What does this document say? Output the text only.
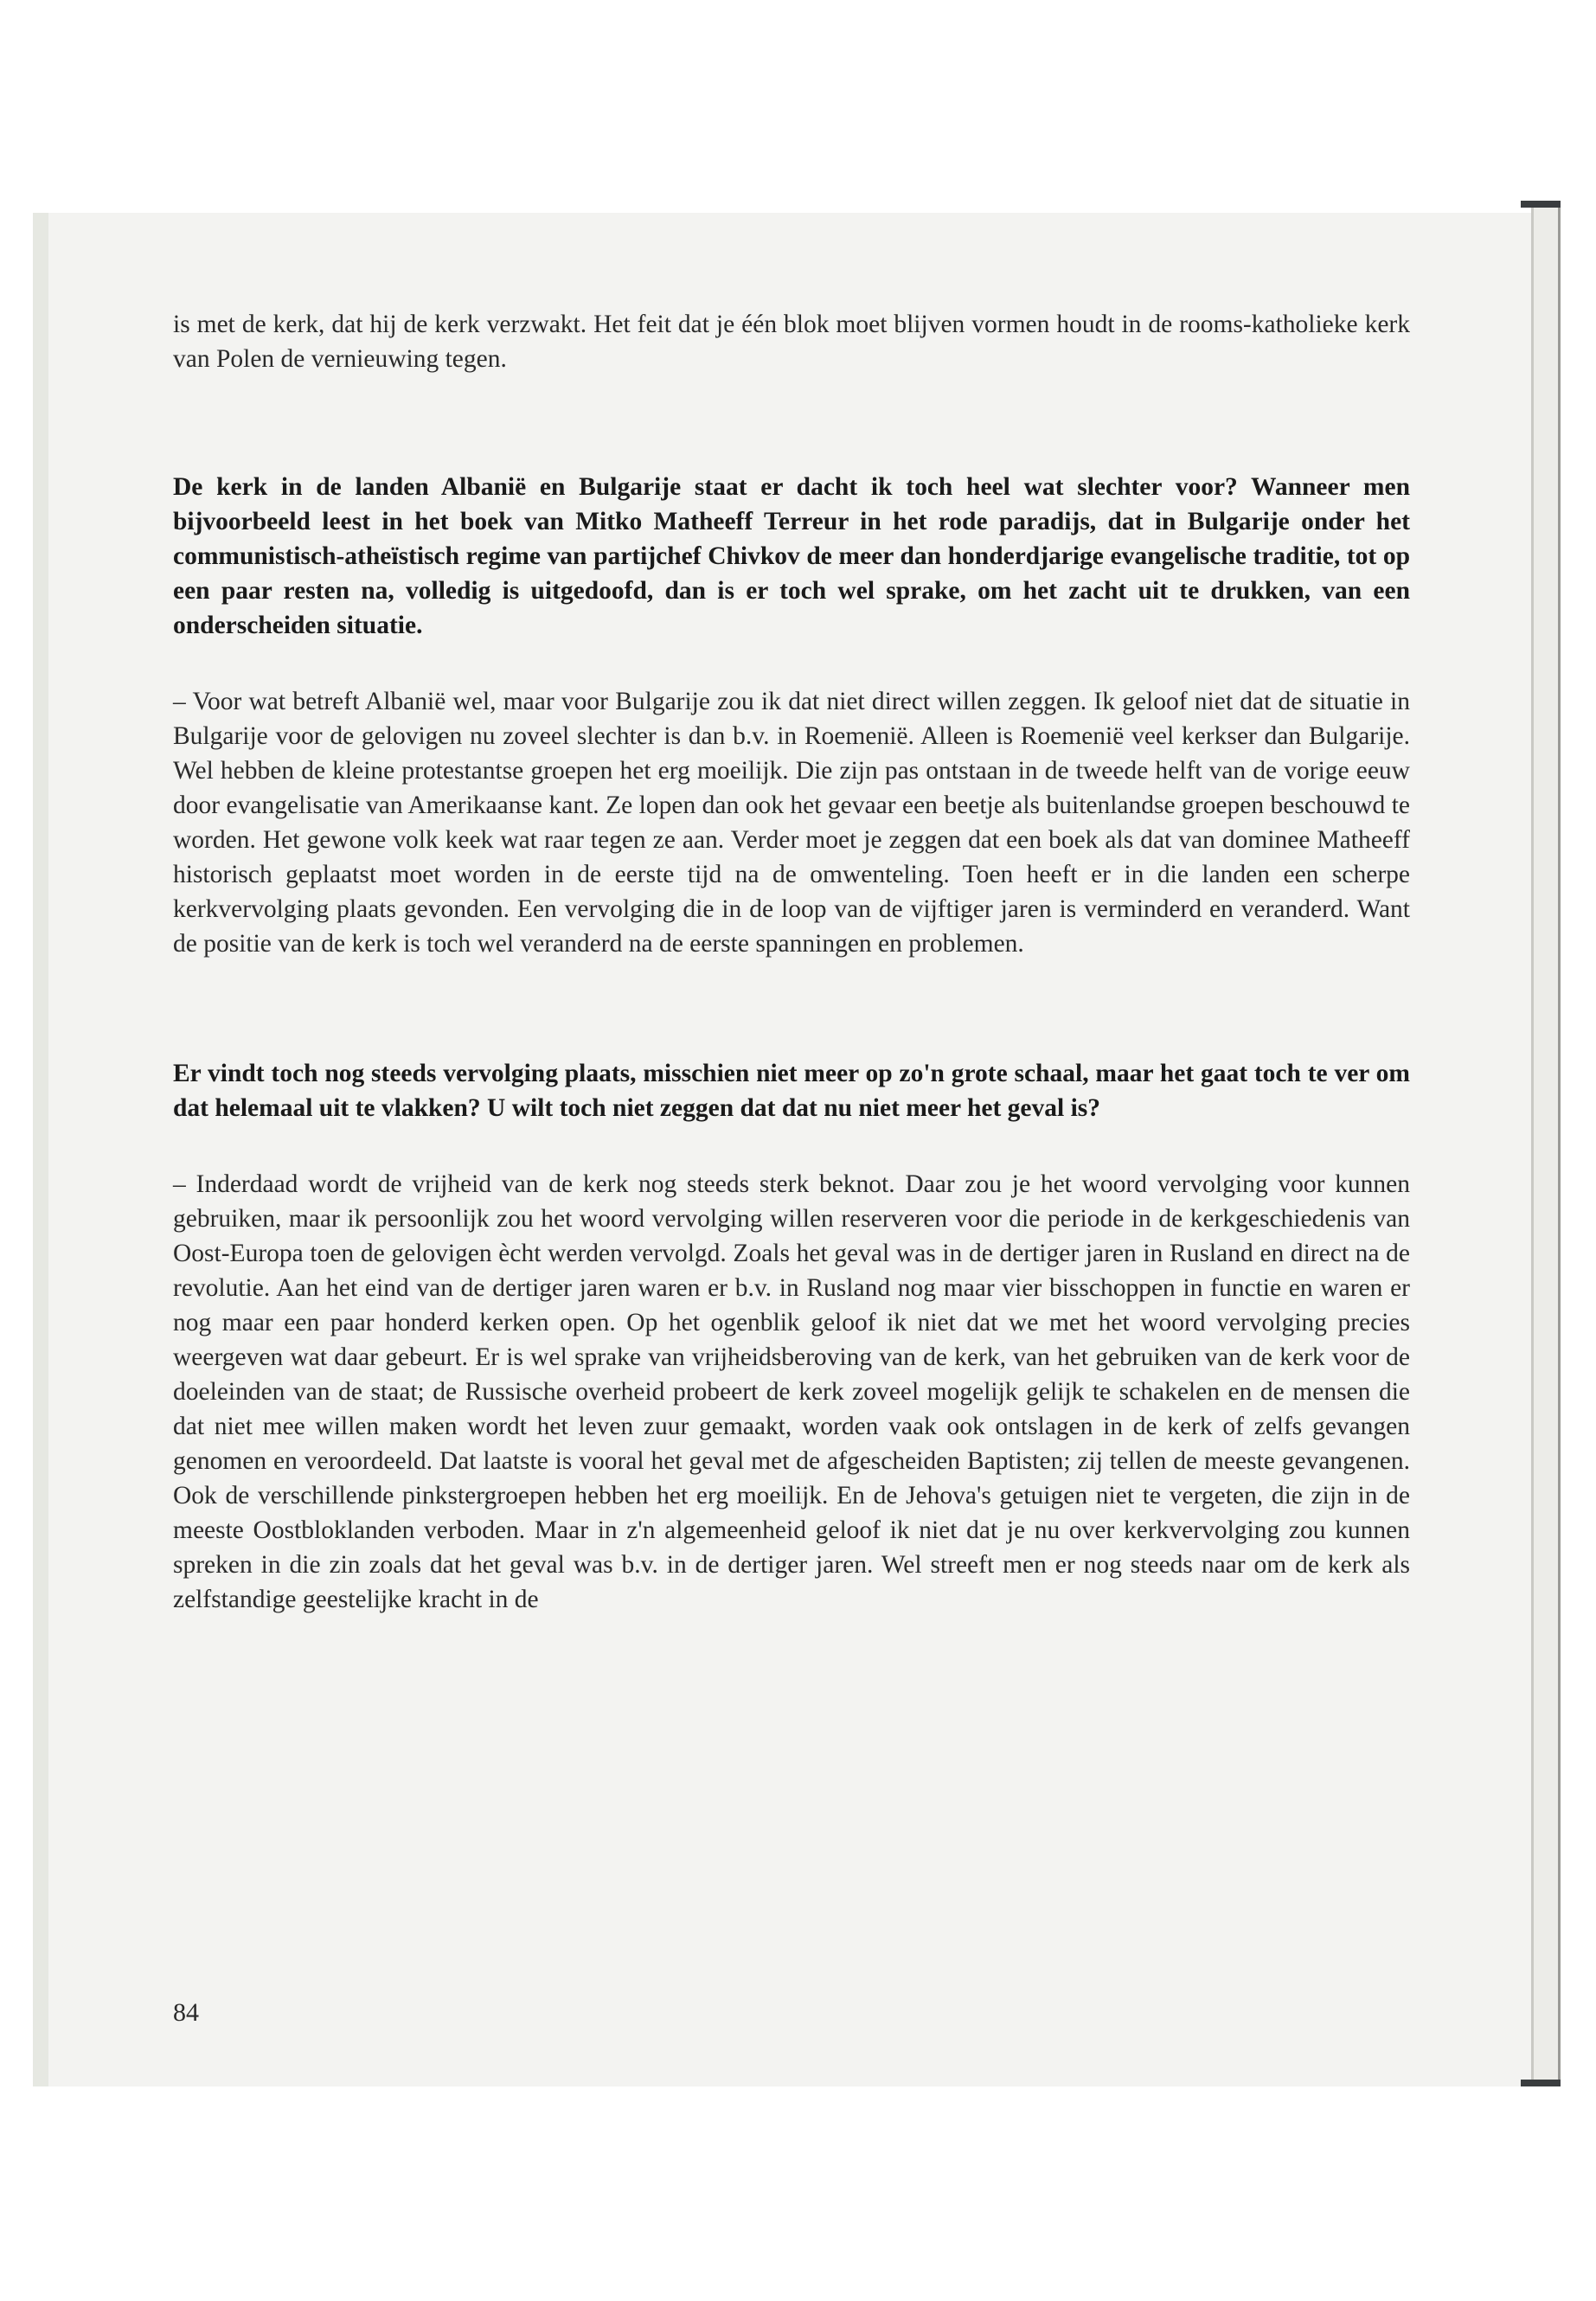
is met de kerk, dat hij de kerk verzwakt. Het feit dat je één blok moet blijven vormen houdt in de rooms-katholieke kerk van Polen de vernieuwing tegen.

De kerk in de landen Albanië en Bulgarije staat er dacht ik toch heel wat slechter voor? Wanneer men bijvoorbeeld leest in het boek van Mitko Matheeff Terreur in het rode paradijs, dat in Bulgarije onder het communistisch-atheïstisch regime van partijchef Chivkov de meer dan honderdjarige evangelische traditie, tot op een paar resten na, volledig is uitgedoofd, dan is er toch wel sprake, om het zacht uit te drukken, van een onderscheiden situatie.

– Voor wat betreft Albanië wel, maar voor Bulgarije zou ik dat niet direct willen zeggen. Ik geloof niet dat de situatie in Bulgarije voor de gelovigen nu zoveel slechter is dan b.v. in Roemenië. Alleen is Roemenië veel kerkser dan Bulgarije. Wel hebben de kleine protestantse groepen het erg moeilijk. Die zijn pas ontstaan in de tweede helft van de vorige eeuw door evangelisatie van Amerikaanse kant. Ze lopen dan ook het gevaar een beetje als buitenlandse groepen beschouwd te worden. Het gewone volk keek wat raar tegen ze aan. Verder moet je zeggen dat een boek als dat van dominee Matheeff historisch geplaatst moet worden in de eerste tijd na de omwenteling. Toen heeft er in die landen een scherpe kerkvervolging plaats gevonden. Een vervolging die in de loop van de vijftiger jaren is verminderd en veranderd. Want de positie van de kerk is toch wel veranderd na de eerste spanningen en problemen.

Er vindt toch nog steeds vervolging plaats, misschien niet meer op zo'n grote schaal, maar het gaat toch te ver om dat helemaal uit te vlakken? U wilt toch niet zeggen dat dat nu niet meer het geval is?

– Inderdaad wordt de vrijheid van de kerk nog steeds sterk beknot. Daar zou je het woord vervolging voor kunnen gebruiken, maar ik persoonlijk zou het woord vervolging willen reserveren voor die periode in de kerkgeschiedenis van Oost-Europa toen de gelovigen ècht werden vervolgd. Zoals het geval was in de dertiger jaren in Rusland en direct na de revolutie. Aan het eind van de dertiger jaren waren er b.v. in Rusland nog maar vier bisschoppen in functie en waren er nog maar een paar honderd kerken open. Op het ogenblik geloof ik niet dat we met het woord vervolging precies weergeven wat daar gebeurt. Er is wel sprake van vrijheidsberoving van de kerk, van het gebruiken van de kerk voor de doeleinden van de staat; de Russische overheid probeert de kerk zoveel mogelijk gelijk te schakelen en de mensen die dat niet mee willen maken wordt het leven zuur gemaakt, worden vaak ook ontslagen in de kerk of zelfs gevangen genomen en veroordeeld. Dat laatste is vooral het geval met de afgescheiden Baptisten; zij tellen de meeste gevangenen. Ook de verschillende pinkstergroepen hebben het erg moeilijk. En de Jehova's getuigen niet te vergeten, die zijn in de meeste Oostbloklanden verboden. Maar in z'n algemeenheid geloof ik niet dat je nu over kerkvervolging zou kunnen spreken in die zin zoals dat het geval was b.v. in de dertiger jaren. Wel streeft men er nog steeds naar om de kerk als zelfstandige geestelijke kracht in de

84
